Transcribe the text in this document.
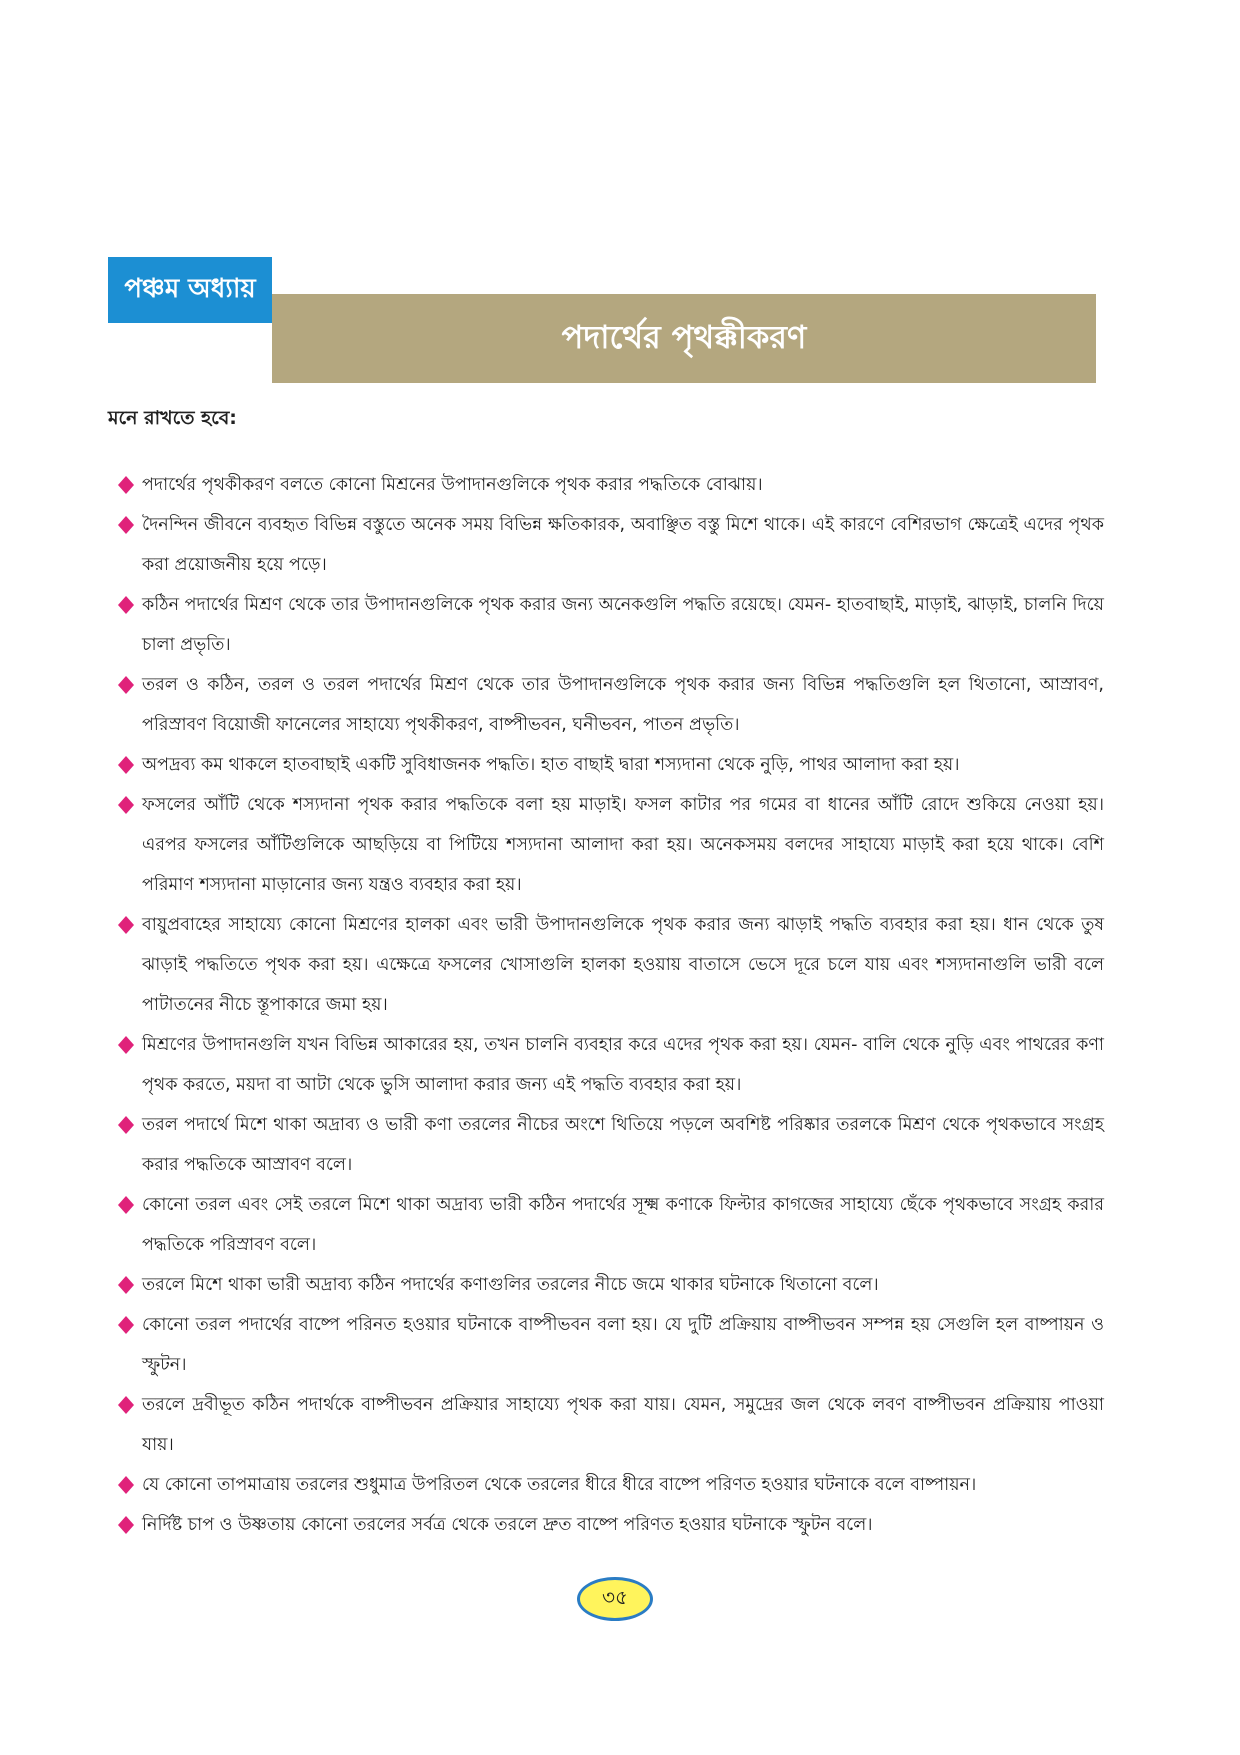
পঞ্চম অধ্যায়
পদার্থের পৃথক্কীকরণ
মনে রাখতে হবে:
পদার্থের পৃথকীকরণ বলতে কোনো মিশ্রনের উপাদানগুলিকে পৃথক করার পদ্ধতিকে বোঝায়।
দৈনন্দিন জীবনে ব্যবহৃত বিভিন্ন বস্তুতে অনেক সময় বিভিন্ন ক্ষতিকারক, অবাঞ্ছিত বস্তু মিশে থাকে। এই কারণে বেশিরভাগ ক্ষেত্রেই এদের পৃথক করা প্রয়োজনীয় হয়ে পড়ে।
কঠিন পদার্থের মিশ্রণ থেকে তার উপাদানগুলিকে পৃথক করার জন্য অনেকগুলি পদ্ধতি রয়েছে। যেমন- হাতবাছাই, মাড়াই, ঝাড়াই, চালনি দিয়ে চালা প্রভৃতি।
তরল ও কঠিন, তরল ও তরল পদার্থের মিশ্রণ থেকে তার উপাদানগুলিকে পৃথক করার জন্য বিভিন্ন পদ্ধতিগুলি হল থিতানো, আস্রাবণ, পরিস্রাবণ বিয়োজী ফানেলের সাহায্যে পৃথকীকরণ, বাষ্পীভবন, ঘনীভবন, পাতন প্রভৃতি।
অপদ্রব্য কম থাকলে হাতবাছাই একটি সুবিধাজনক পদ্ধতি। হাত বাছাই দ্বারা শস্যদানা থেকে নুড়ি, পাথর আলাদা করা হয়।
ফসলের আঁটি থেকে শস্যদানা পৃথক করার পদ্ধতিকে বলা হয় মাড়াই। ফসল কাটার পর গমের বা ধানের আঁটি রোদে শুকিয়ে নেওয়া হয়। এরপর ফসলের আঁটিগুলিকে আছড়িয়ে বা পিটিয়ে শস্যদানা আলাদা করা হয়। অনেকসময় বলদের সাহায্যে মাড়াই করা হয়ে থাকে। বেশি পরিমাণ শস্যদানা মাড়ানোর জন্য যন্ত্রও ব্যবহার করা হয়।
বায়ুপ্রবাহের সাহায্যে কোনো মিশ্রণের হালকা এবং ভারী উপাদানগুলিকে পৃথক করার জন্য ঝাড়াই পদ্ধতি ব্যবহার করা হয়। ধান থেকে তুষ ঝাড়াই পদ্ধতিতে পৃথক করা হয়। এক্ষেত্রে ফসলের খোসাগুলি হালকা হওয়ায় বাতাসে ভেসে দূরে চলে যায় এবং শস্যদানাগুলি ভারী বলে পাটাতনের নীচে স্তূপাকারে জমা হয়।
মিশ্রণের উপাদানগুলি যখন বিভিন্ন আকারের হয়, তখন চালনি ব্যবহার করে এদের পৃথক করা হয়। যেমন- বালি থেকে নুড়ি এবং পাথরের কণা পৃথক করতে, ময়দা বা আটা থেকে ভুসি আলাদা করার জন্য এই পদ্ধতি ব্যবহার করা হয়।
তরল পদার্থে মিশে থাকা অদ্রাব্য ও ভারী কণা তরলের নীচের অংশে থিতিয়ে পড়লে অবশিষ্ট পরিষ্কার তরলকে মিশ্রণ থেকে পৃথকভাবে সংগ্রহ করার পদ্ধতিকে আস্রাবণ বলে।
কোনো তরল এবং সেই তরলে মিশে থাকা অদ্রাব্য ভারী কঠিন পদার্থের সূক্ষ্ম কণাকে ফিল্টার কাগজের সাহায্যে ছেঁকে পৃথকভাবে সংগ্রহ করার পদ্ধতিকে পরিস্রাবণ বলে।
তরলে মিশে থাকা ভারী অদ্রাব্য কঠিন পদার্থের কণাগুলির তরলের নীচে জমে থাকার ঘটনাকে থিতানো বলে।
কোনো তরল পদার্থের বাষ্পে পরিনত হওয়ার ঘটনাকে বাষ্পীভবন বলা হয়। যে দুটি প্রক্রিয়ায় বাষ্পীভবন সম্পন্ন হয় সেগুলি হল বাষ্পায়ন ও স্ফুটন।
তরলে দ্রবীভূত কঠিন পদার্থকে বাষ্পীভবন প্রক্রিয়ার সাহায্যে পৃথক করা যায়। যেমন, সমুদ্রের জল থেকে লবণ বাষ্পীভবন প্রক্রিয়ায় পাওয়া যায়।
যে কোনো তাপমাত্রায় তরলের শুধুমাত্র উপরিতল থেকে তরলের ধীরে ধীরে বাষ্পে পরিণত হওয়ার ঘটনাকে বলে বাষ্পায়ন।
নির্দিষ্ট চাপ ও উষ্ণতায় কোনো তরলের সর্বত্র থেকে তরলে দ্রুত বাষ্পে পরিণত হওয়ার ঘটনাকে স্ফুটন বলে।
৩৫
